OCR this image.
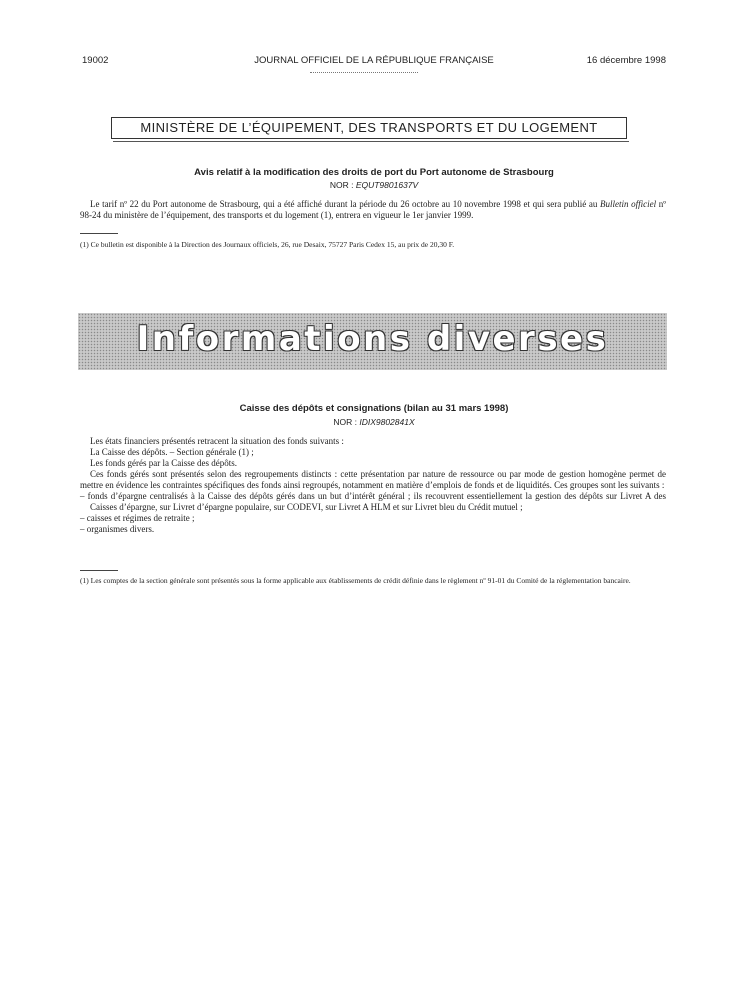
19002	JOURNAL OFFICIEL DE LA RÉPUBLIQUE FRANÇAISE	16 décembre 1998
MINISTÈRE DE L’ÉQUIPEMENT, DES TRANSPORTS ET DU LOGEMENT
Avis relatif à la modification des droits de port du Port autonome de Strasbourg
NOR : EQUT9801637V

Le tarif nº 22 du Port autonome de Strasbourg, qui a été affiché durant la période du 26 octobre au 10 novembre 1998 et qui sera publié au Bulletin officiel nº 98-24 du ministère de l’équipement, des transports et du logement (1), entrera en vigueur le 1er janvier 1999.

(1) Ce bulletin est disponible à la Direction des Journaux officiels, 26, rue Desaix, 75727 Paris Cedex 15, au prix de 20,30 F.
Informations diverses
Caisse des dépôts et consignations (bilan au 31 mars 1998)
NOR : IDIX9802841X

Les états financiers présentés retracent la situation des fonds suivants :

La Caisse des dépôts. – Section générale (1) ;

Les fonds gérés par la Caisse des dépôts.

Ces fonds gérés sont présentés selon des regroupements distincts : cette présentation par nature de ressource ou par mode de gestion homogène permet de mettre en évidence les contraintes spécifiques des fonds ainsi regroupés, notamment en matière d’emplois de fonds et de liquidités. Ces groupes sont les suivants :

– fonds d’épargne centralisés à la Caisse des dépôts gérés dans un but d’intérêt général ; ils recouvrent essentiellement la gestion des dépôts sur Livret A des Caisses d’épargne, sur Livret d’épargne populaire, sur CODEVI, sur Livret A HLM et sur Livret bleu du Crédit mutuel ;
– caisses et régimes de retraite ;
– organismes divers.
(1) Les comptes de la section générale sont présentés sous la forme applicable aux établissements de crédit définie dans le règlement nº 91-01 du Comité de la réglementation bancaire.
